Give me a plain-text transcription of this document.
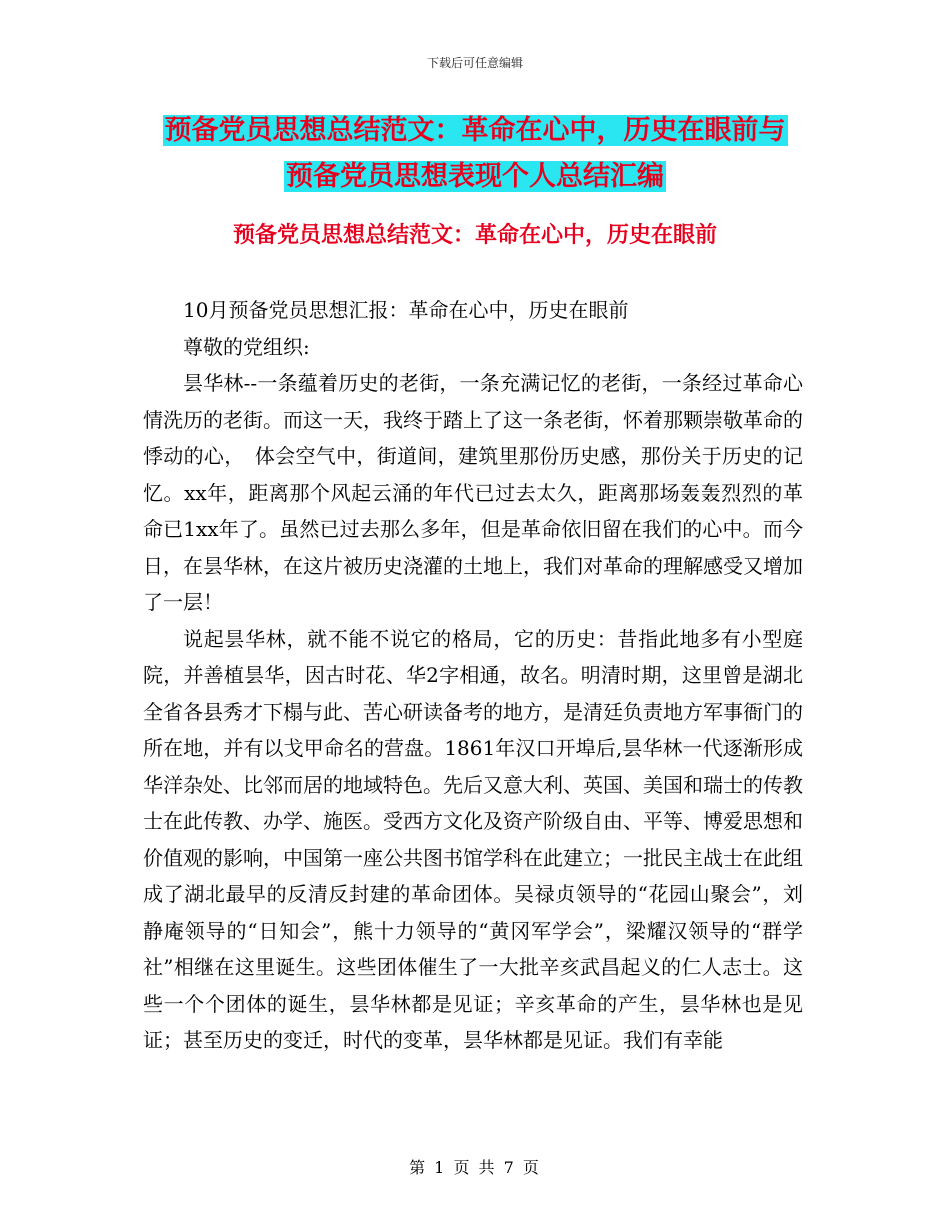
下载后可任意编辑
预备党员思想总结范文：革命在心中，历史在眼前与
预备党员思想表现个人总结汇编
预备党员思想总结范文：革命在心中，历史在眼前

10月预备党员思想汇报：革命在心中，历史在眼前

尊敬的党组织:

昙华林--一条蕴着历史的老街，一条充满记忆的老街，一条经过革命心情洗历的老街。而这一天，我终于踏上了这一条老街，怀着那颗崇敬革命的悸动的心，　体会空气中，街道间，建筑里那份历史感，那份关于历史的记忆。xx年，距离那个风起云涌的年代已过去太久，距离那场轰轰烈烈的革命已1xx年了。虽然已过去那么多年，但是革命依旧留在我们的心中。而今日，在昙华林，在这片被历史浇灌的土地上，我们对革命的理解感受又增加了一层！

说起昙华林，就不能不说它的格局，它的历史：昔指此地多有小型庭院，并善植昙华，因古时花、华2字相通，故名。明清时期，这里曾是湖北全省各县秀才下榻与此、苦心研读备考的地方，是清廷负责地方军事衙门的所在地，并有以戈甲命名的营盘。1861年汉口开埠后,昙华林一代逐渐形成华洋杂处、比邻而居的地域特色。先后又意大利、英国、美国和瑞士的传教士在此传教、办学、施医。受西方文化及资产阶级自由、平等、博爱思想和价值观的影响，中国第一座公共图书馆学科在此建立；一批民主战士在此组成了湖北最早的反清反封建的革命团体。吴禄贞领导的“花园山聚会”，刘静庵领导的“日知会”，熊十力领导的“黄冈军学会”，梁耀汉领导的“群学社”相继在这里诞生。这些团体催生了一大批辛亥武昌起义的仁人志士。这些一个个团体的诞生，昙华林都是见证；辛亥革命的产生，昙华林也是见证；甚至历史的变迁，时代的变革，昙华林都是见证。我们有幸能

第 1 页 共 7 页
